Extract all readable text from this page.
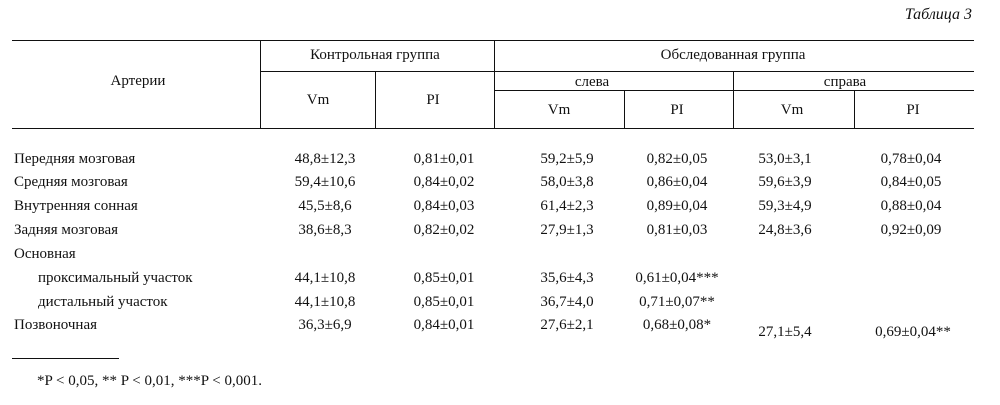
Таблица 3
Артерии
Контрольная группа	Обследованная группа
слева	справа
Vm	PI
Vm	PI	Vm	PI
Передняя мозговая	48,8±12,3	0,81±0,01	59,2±5,9	0,82±0,05	53,0±3,1	0,78±0,04
Средняя мозговая	59,4±10,6	0,84±0,02	58,0±3,8	0,86±0,04	59,6±3,9	0,84±0,05
Внутренняя сонная	45,5±8,6	0,84±0,03	61,4±2,3	0,89±0,04	59,3±4,9	0,88±0,04
Задняя мозговая	38,6±8,3	0,82±0,02	27,9±1,3	0,81±0,03	24,8±3,6	0,92±0,09
Основная
проксимальный участок	44,1±10,8	0,85±0,01	35,6±4,3	0,61±0,04***
дистальный участок	44,1±10,8	0,85±0,01	36,7±4,0	0,71±0,07**
Позвоночная	36,3±6,9	0,84±0,01	27,6±2,1	0,68±0,08*	27,1±5,4	0,69±0,04**
*P < 0,05, ** P < 0,01, ***P < 0,001.
